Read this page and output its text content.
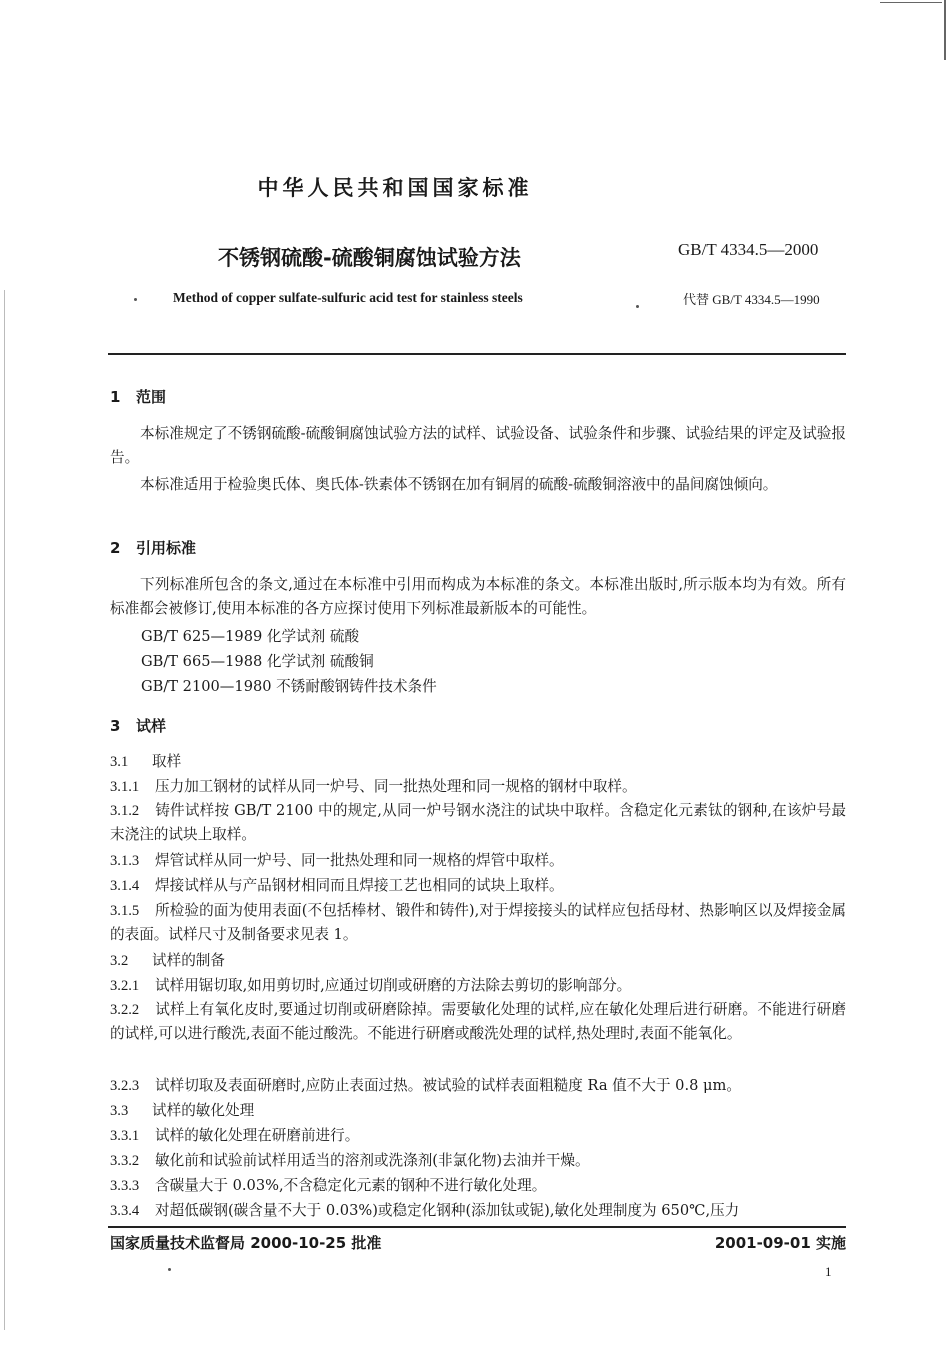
中华人民共和国国家标准
不锈钢硫酸-硫酸铜腐蚀试验方法	GB/T 4334.5—2000
Method of copper sulfate-sulfuric acid test for stainless steels	代替 GB/T 4334.5—1990
1 范围
本标准规定了不锈钢硫酸-硫酸铜腐蚀试验方法的试样、试验设备、试验条件和步骤、试验结果的评定及试验报告。
本标准适用于检验奥氏体、奥氏体-铁素体不锈钢在加有铜屑的硫酸-硫酸铜溶液中的晶间腐蚀倾向。
2 引用标准
下列标准所包含的条文,通过在本标准中引用而构成为本标准的条文。本标准出版时,所示版本均为有效。所有标准都会被修订,使用本标准的各方应探讨使用下列标准最新版本的可能性。
GB/T 625—1989 化学试剂 硫酸
GB/T 665—1988 化学试剂 硫酸铜
GB/T 2100—1980 不锈耐酸钢铸件技术条件
3 试样
3.1 取样
3.1.1 压力加工钢材的试样从同一炉号、同一批热处理和同一规格的钢材中取样。
3.1.2 铸件试样按 GB/T 2100 中的规定,从同一炉号钢水浇注的试块中取样。含稳定化元素钛的钢种,在该炉号最末浇注的试块上取样。
3.1.3 焊管试样从同一炉号、同一批热处理和同一规格的焊管中取样。
3.1.4 焊接试样从与产品钢材相同而且焊接工艺也相同的试块上取样。
3.1.5 所检验的面为使用表面(不包括棒材、锻件和铸件),对于焊接接头的试样应包括母材、热影响区以及焊接金属的表面。试样尺寸及制备要求见表 1。
3.2 试样的制备
3.2.1 试样用锯切取,如用剪切时,应通过切削或研磨的方法除去剪切的影响部分。
3.2.2 试样上有氧化皮时,要通过切削或研磨除掉。需要敏化处理的试样,应在敏化处理后进行研磨。不能进行研磨的试样,可以进行酸洗,表面不能过酸洗。不能进行研磨或酸洗处理的试样,热处理时,表面不能氧化。
3.2.3 试样切取及表面研磨时,应防止表面过热。被试验的试样表面粗糙度 Ra 值不大于 0.8 μm。
3.3 试样的敏化处理
3.3.1 试样的敏化处理在研磨前进行。
3.3.2 敏化前和试验前试样用适当的溶剂或洗涤剂(非氯化物)去油并干燥。
3.3.3 含碳量大于 0.03%,不含稳定化元素的钢种不进行敏化处理。
3.3.4 对超低碳钢(碳含量不大于 0.03%)或稳定化钢种(添加钛或铌),敏化处理制度为 650℃,压力
国家质量技术监督局 2000-10-25 批准	2001-09-01 实施
1
